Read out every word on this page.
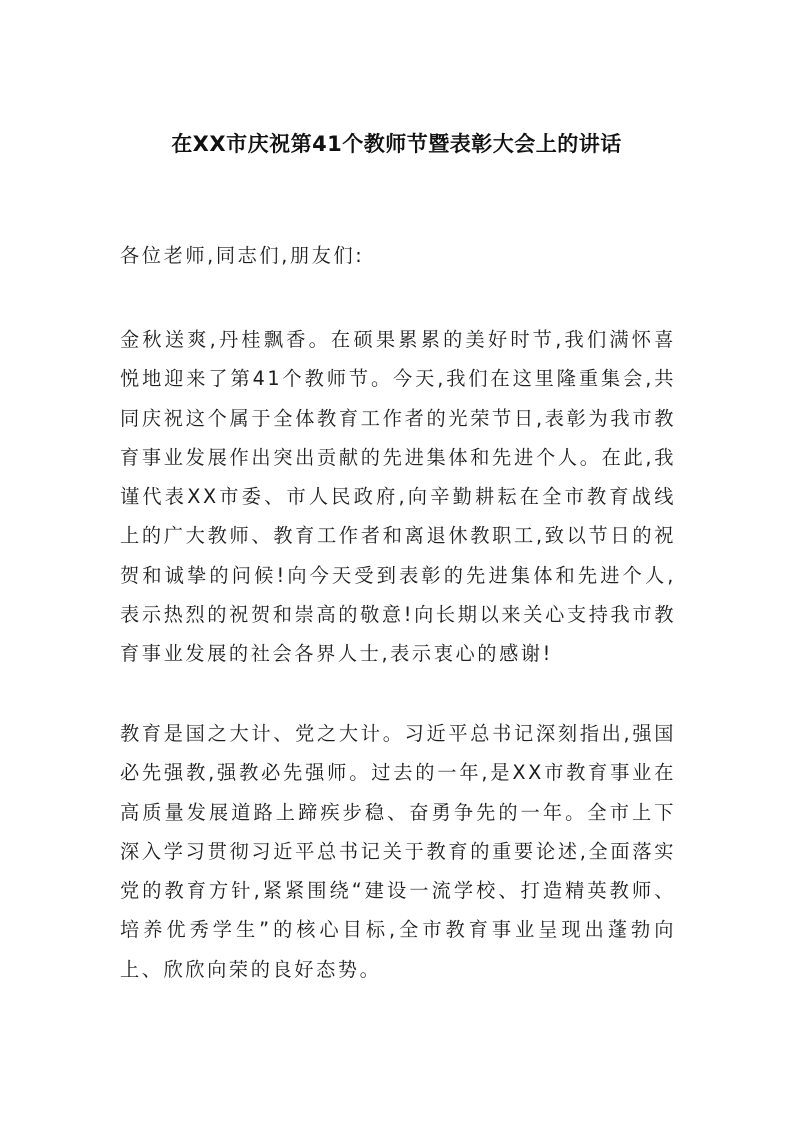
在XX市庆祝第41个教师节暨表彰大会上的讲话
各位老师,同志们,朋友们:
金秋送爽,丹桂飘香。在硕果累累的美好时节,我们满怀喜悦地迎来了第41个教师节。今天,我们在这里隆重集会,共同庆祝这个属于全体教育工作者的光荣节日,表彰为我市教育事业发展作出突出贡献的先进集体和先进个人。在此,我谨代表XX市委、市人民政府,向辛勤耕耘在全市教育战线上的广大教师、教育工作者和离退休教职工,致以节日的祝贺和诚挚的问候!向今天受到表彰的先进集体和先进个人,表示热烈的祝贺和崇高的敬意!向长期以来关心支持我市教育事业发展的社会各界人士,表示衷心的感谢!
教育是国之大计、党之大计。习近平总书记深刻指出,强国必先强教,强教必先强师。过去的一年,是XX市教育事业在高质量发展道路上蹄疾步稳、奋勇争先的一年。全市上下深入学习贯彻习近平总书记关于教育的重要论述,全面落实党的教育方针,紧紧围绕“建设一流学校、打造精英教师、培养优秀学生”的核心目标,全市教育事业呈现出蓬勃向上、欣欣向荣的良好态势。
